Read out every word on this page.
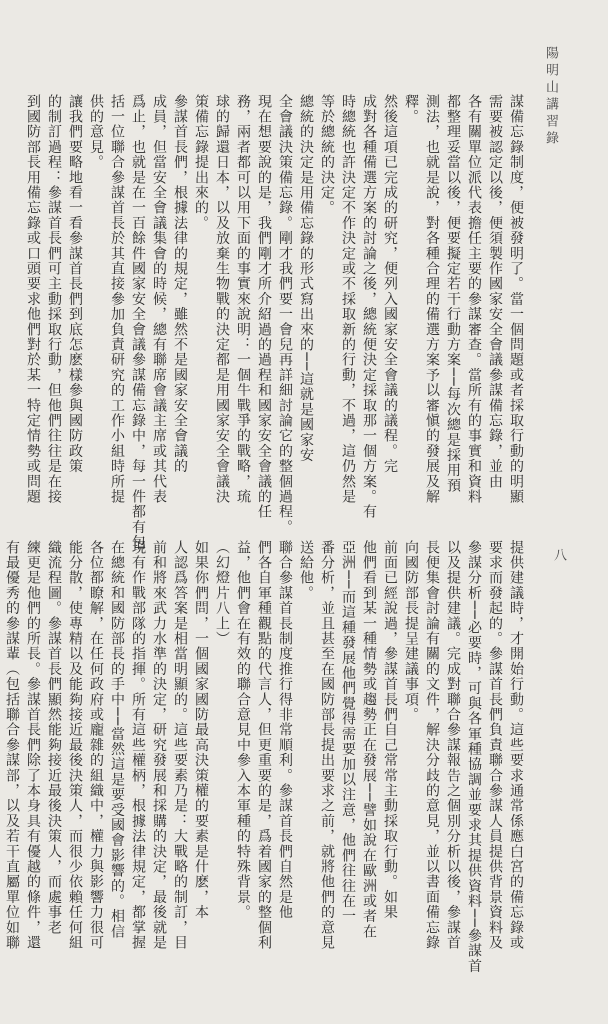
陽明山講習錄
八
謀備忘錄制度，便被發明了。當一個問題或者採取行動的明顯
需要被認定以後，便須製作國家安全會議參謀備忘錄，並由
各有關單位派代表擔任主要的參謀審查。當所有的事實和資料
都整理妥當以後，便要擬定若干行動方案──每次總是採用預
測法，也就是說，對各種合理的備選方案予以審愼的發展及解
釋。
然後這項已完成的研究，便列入國家安全會議的議程。完
成對各種備選方案的討論之後，總統便決定採取那一個方案。有
時總統也許決定不作決定或不採取新的行動，不過，這仍然是
等於總統的決定。
總統的決定是用備忘錄的形式寫出來的──這就是國家安
全會議決策備忘錄。剛才我們要一會兒再詳細討論它的整個過程。
現在想要說的是，我們剛才所介紹過的過程和國家安全會議的任
務，兩者都可以用下面的事實來說明：一個牛戰爭的戰略，琉
球的歸還日本，以及放棄生物戰的決定都是用國家安全會議決
策備忘錄提出來的。
參謀首長們，根據法律的規定，雖然不是國家安全會議的
成員，但當安全會議集會的時候，總有聯席會議主席或其代表
爲止，也就是在一百餘件國家安全會議參謀備忘錄中，每一件都有包
括一位聯合參謀首長於其直接參加負責研究的工作小組時所提
供的意見。
讓我們要略地看一看參謀首長們到底怎麽樣參與國防政策
的制訂過程：參謀首長們可主動採取行動，但他們往往是在接
到國防部長用備忘錄或口頭要求他們對於某一特定情勢或問題
提供建議時，才開始行動。這些要求通常係應白宮的備忘錄或
要求而發起的。參謀首長們負責聯合參謀人員提供背景資料及
參謀分析──必要時，可與各軍種協調並要求其提供資料──參謀首
以及提供建議。完成對聯合參謀報告之個別分析以後，參謀首
長便集會討論有關的文件，解決分歧的意見，並以書面備忘錄
向國防部長提呈建議事項。
前面已經說過，參謀首長們自己常常主動採取行動。如果
他們看到某一種情勢或趨勢正在發展──譬如說在歐洲或者在
亞洲──而這種發展他們覺得需要加以注意，他們往往在一
番分析，並且甚至在國防部長提出要求之前，就將他們的意見
送給他。
聯合參謀首長制度推行得非常順利。參謀首長們自然是他
們各自軍種觀點的代言人，但更重要的是，爲着國家的整個利
益，他們會在有效的聯合意見中參入本軍種的特殊背景。
（幻燈片八上）
如果你們問，一個國家國防最高決策權的要素是什麽，本
人認爲答案是相當明顯的。這些要素乃是：大戰略的制訂，目
前和將來武力水準的決定，研究發展和採購的決定，最後就是
現有作戰部隊的指揮。所有這些權柄，根據法律規定，都掌握
在總統和國防部長的手中──當然這是要受國會影響的。相信
各位都瞭解，在任何政府或龐雜的組織中，權力與影響力很可
能分散，使專精以及能夠接近最後決策人，而很少依賴任何組
織流程圖。參謀首長們顯然能夠接近最後決策人，而處事老
練更是他們的所長。參謀首長們除了本身具有優越的條件，還
有最優秀的參謀輩（包括聯合參謀部，以及若干直屬單位如聯
